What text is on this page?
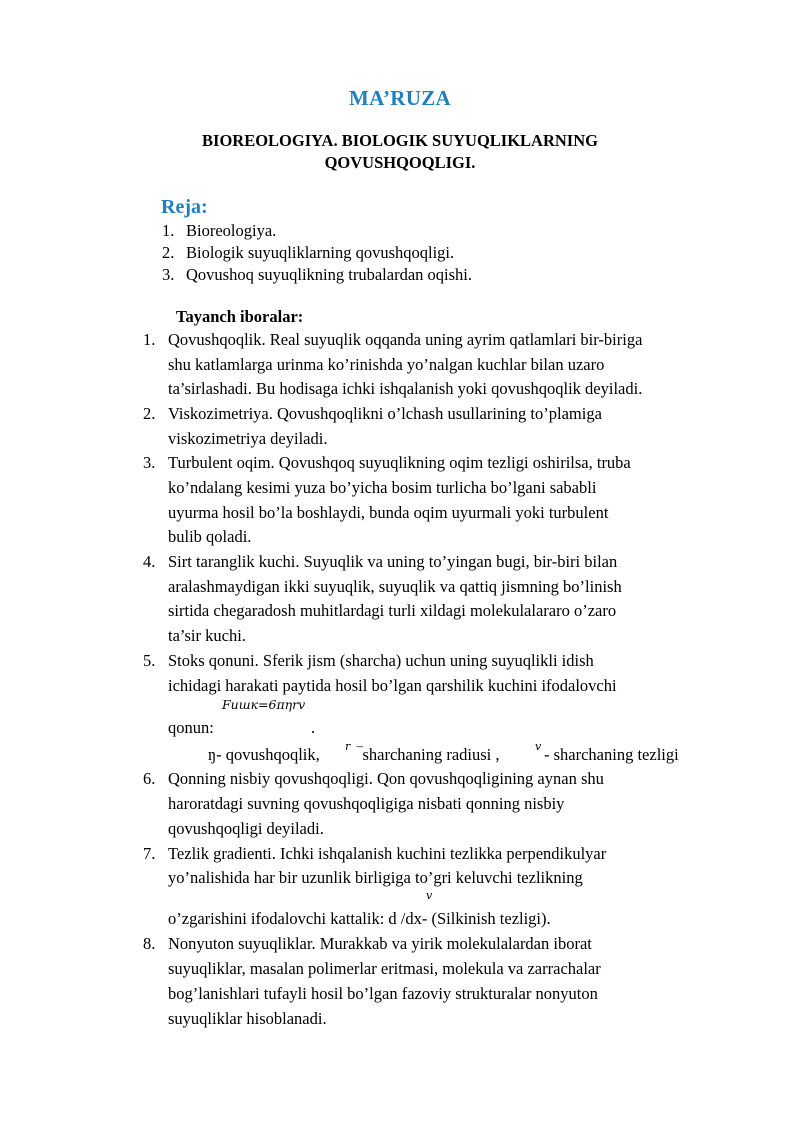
MA’RUZA
BIOREOLOGIYA. BIOLOGIK SUYUQLIKLARNING
QOVUSHQOQLIGI.
Reja:
1. Bioreologiya.
2. Biologik suyuqliklarning qovushqoqligi.
3. Qovushoq suyuqlikning trubalardan oqishi.
Tayanch iboralar:
1. Qovushqoqlik. Real suyuqlik oqqanda uning ayrim qatlamlari bir-biriga
shu katlamlarga urinma ko’rinishda yo’nalgan kuchlar bilan uzaro
ta’sirlashadi. Bu hodisaga ichki ishqalanish yoki qovushqoqlik deyiladi.
2. Viskozimetriya. Qovushqoqlikni o’lchash usullarining to’plamiga
viskozimetriya deyiladi.
3. Turbulent oqim. Qovushqoq suyuqlikning oqim tezligi oshirilsa, truba
ko’ndalang kesimi yuza bo’yicha bosim turlicha bo’lgani sababli
uyurma hosil bo’la boshlaydi, bunda oqim uyurmali yoki turbulent
bulib qoladi.
4. Sirt taranglik kuchi. Suyuqlik va uning to’yingan bugi, bir-biri bilan
aralashmaydigan ikki suyuqlik, suyuqlik va qattiq jismning bo’linish
sirtida chegaradosh muhitlardagi turli xildagi molekulalararo o’zaro
ta’sir kuchi.
5. Stoks qonuni. Sferik jism (sharcha) uchun uning suyuqlikli idish
ichidagi harakati paytida hosil bo’lgan qarshilik kuchini ifodalovchi
Fишк=6πηrv
qonun:	.
ŋ- qovushqoqlik, r ‾sharchaning radiusi ,	v - sharchaning tezligi
6. Qonning nisbiy qovushqoqligi. Qon qovushqoqligining aynan shu
haroratdagi suvning qovushqoqligiga nisbati qonning nisbiy
qovushqoqligi deyiladi.
7. Tezlik gradienti. Ichki ishqalanish kuchini tezlikka perpendikulyar
yo’nalishida har bir uzunlik birligiga to’gri keluvchi tezlikning
v
o’zgarishini ifodalovchi kattalik: d /dx- (Silkinish tezligi).
8. Nonyuton suyuqliklar. Murakkab va yirik molekulalardan iborat
suyuqliklar, masalan polimerlar eritmasi, molekula va zarrachalar
bog’lanishlari tufayli hosil bo’lgan fazoviy strukturalar nonyuton
suyuqliklar hisoblanadi.
